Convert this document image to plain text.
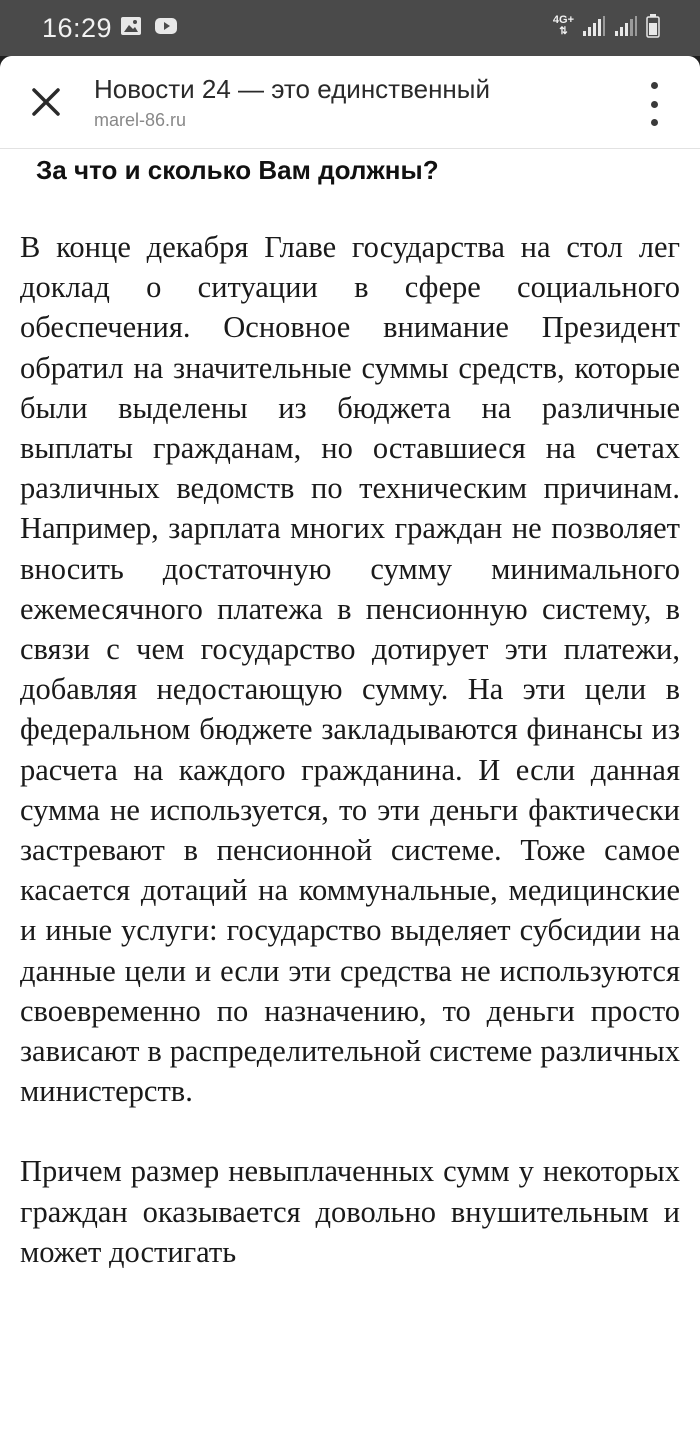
16:29	4G+
⇅
Новости 24 — это единственный
marel-86.ru
За что и сколько Вам должны?

В конце декабря Главе государства на стол лег доклад о ситуации в сфере социального обеспечения. Основное внимание Президент обратил на значительные суммы средств, которые были выделены из бюджета на различные выплаты гражданам, но оставшиеся на счетах различных ведомств по техническим причинам. Например, зарплата многих граждан не позволяет вносить достаточную сумму минимального ежемесячного платежа в пенсионную систему, в связи с чем государство дотирует эти платежи, добавляя недостающую сумму. На эти цели в федеральном бюджете закладываются финансы из расчета на каждого гражданина. И если данная сумма не используется, то эти деньги фактически застревают в пенсионной системе. Тоже самое касается дотаций на коммунальные, медицинские и иные услуги: государство выделяет субсидии на данные цели и если эти средства не используются своевременно по назначению, то деньги просто зависают в распределительной системе различных министерств.

Причем размер невыплаченных сумм у некоторых граждан оказывается довольно внушительным и может достигать
